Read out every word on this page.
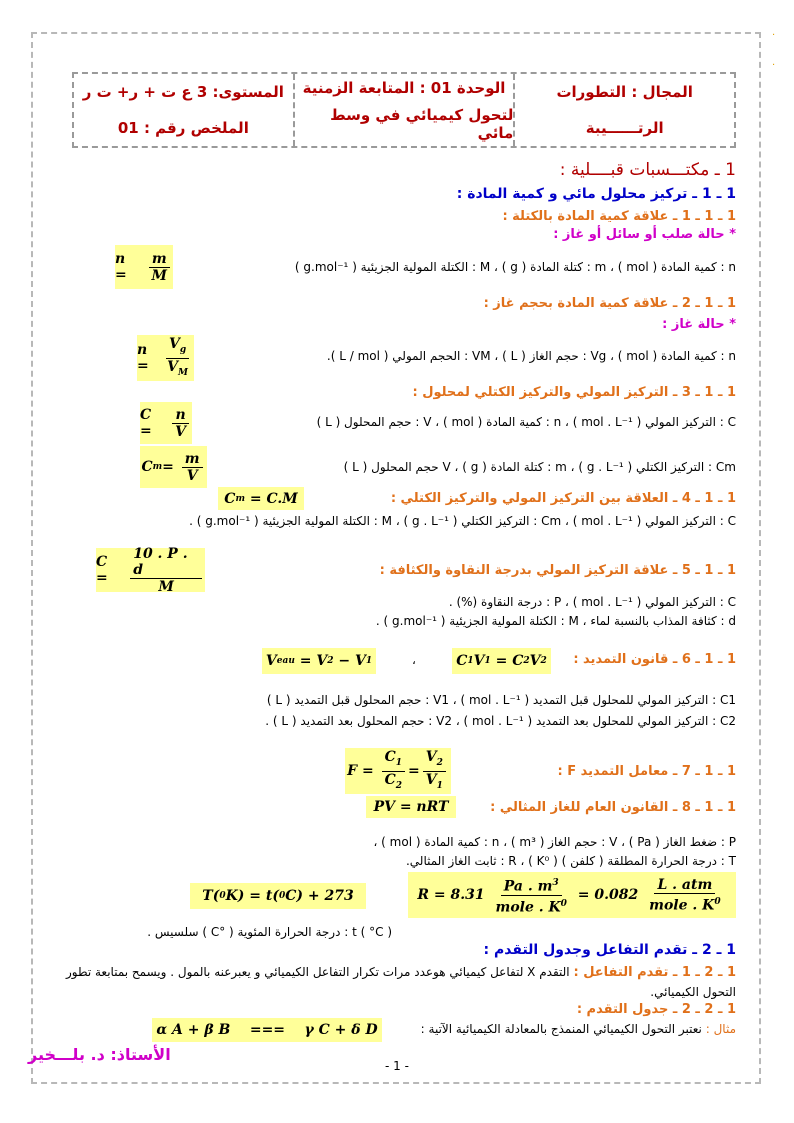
·
·
المستوى: 3 ع ت + ر+ ت ر
الملخص رقم : 01
الوحدة 01 : المتابعة الزمنية
لتحول كيميائي في وسط مائي
المجال : التطورات
الرتــــــيبة
1 ـ مكتـــسبات قبــــلية :
1 ـ 1 ـ تركيز محلول مائي و كمية المادة :
1 ـ 1 ـ 1 ـ علاقة كمية المادة بالكتلة :
* حالة صلب أو سائل أو غاز :
n : كمية المادة ( mol ) ، m : كتلة المادة ( g ) ، M : الكتلة المولية الجزيئية ( g.mol⁻¹ )
$n = \frac{m}{M}$
1 ـ 1 ـ 2 ـ علاقة كمية المادة بحجم غاز :
* حالة غاز :
n : كمية المادة ( mol ) ، Vg : حجم الغاز ( L ) ، VM : الحجم المولي ( L / mol ).
$n = \frac{V_g}{V_M}$
1 ـ 1 ـ 3 ـ التركيز المولي والتركيز الكتلي لمحلول :
C : التركيز المولي ( mol . L⁻¹ ) ، n : كمية المادة ( mol ) ، V : حجم المحلول ( L )
$C = \frac{n}{V}$
Cm : التركيز الكتلي ( g . L⁻¹ ) ، m : كتلة المادة ( g ) ، V حجم المحلول ( L )
C $m = \frac{m}{V}$
1 ـ 1 ـ 4 ـ العلاقة بين التركيز المولي والتركيز الكتلي :
C m = C.M
C : التركيز المولي ( mol . L⁻¹ ) ، Cm : التركيز الكتلي ( g . L⁻¹ ) ، M : الكتلة المولية الجزيئية ( g.mol⁻¹ ) .
1 ـ 1 ـ 5 ـ علاقة التركيز المولي بدرجة النقاوة والكثافة :
$C = \frac{10 . P . d}{M}$
C : التركيز المولي ( mol . L⁻¹ ) ، P : درجة النقاوة (%) .
d : كثافة المذاب بالنسبة لماء ، M : الكتلة المولية الجزيئية ( g.mol⁻¹ ) .
1 ـ 1 ـ 6 ـ قانون التمديد :
C 1 V 1 = C 2 V 2
،
V eau = V 2 − V 1
C1 : التركيز المولي للمحلول قبل التمديد ( mol . L⁻¹ ) ، V1 : حجم المحلول قبل التمديد ( L )
C2 : التركيز المولي للمحلول بعد التمديد ( mol . L⁻¹ ) ، V2 : حجم المحلول بعد التمديد ( L ) .
1 ـ 1 ـ 7 ـ معامل التمديد F :
$F = \frac{C_1}{C_2} = \frac{V_2}{V_1}$
1 ـ 1 ـ 8 ـ القانون العام للغاز المثالي :
PV = nRT
P : ضغط الغاز ( Pa ) ، V : حجم الغاز ( m³ ) ، n : كمية المادة ( mol ) ،
T : درجة الحرارة المطلقة ( كلفن ) ( K⁰ ) ، R : ثابت الغاز المثالي.
T( 0 K) = t( 0 C) + 273	$R = 8.31 \frac{Pa . m^3}{mole . K^0} = 0.082 \frac{\text{L . atm}}{mole . K^0}$
t ( °C ) : درجة الحرارة المئوية ( °C ) سلسيس .
1 ـ 2 ـ تقدم التفاعل وجدول التقدم :
1 ـ 2 ـ 1 ـ تقدم التفاعل : التقدم X لتفاعل كيميائي هوعدد مرات تكرار التفاعل الكيميائي و يعبرعنه بالمول . ويسمح بمتابعة تطور
التحول الكيميائي.
1 ـ 2 ـ 2 ـ جدول التقدم :
مثال : نعتبر التحول الكيميائي المنمذج بالمعادلة الكيميائية الآتية :
α A + β B    ===    γ C + δ D
الأستاذ: د. بلـــخير
- 1 -
